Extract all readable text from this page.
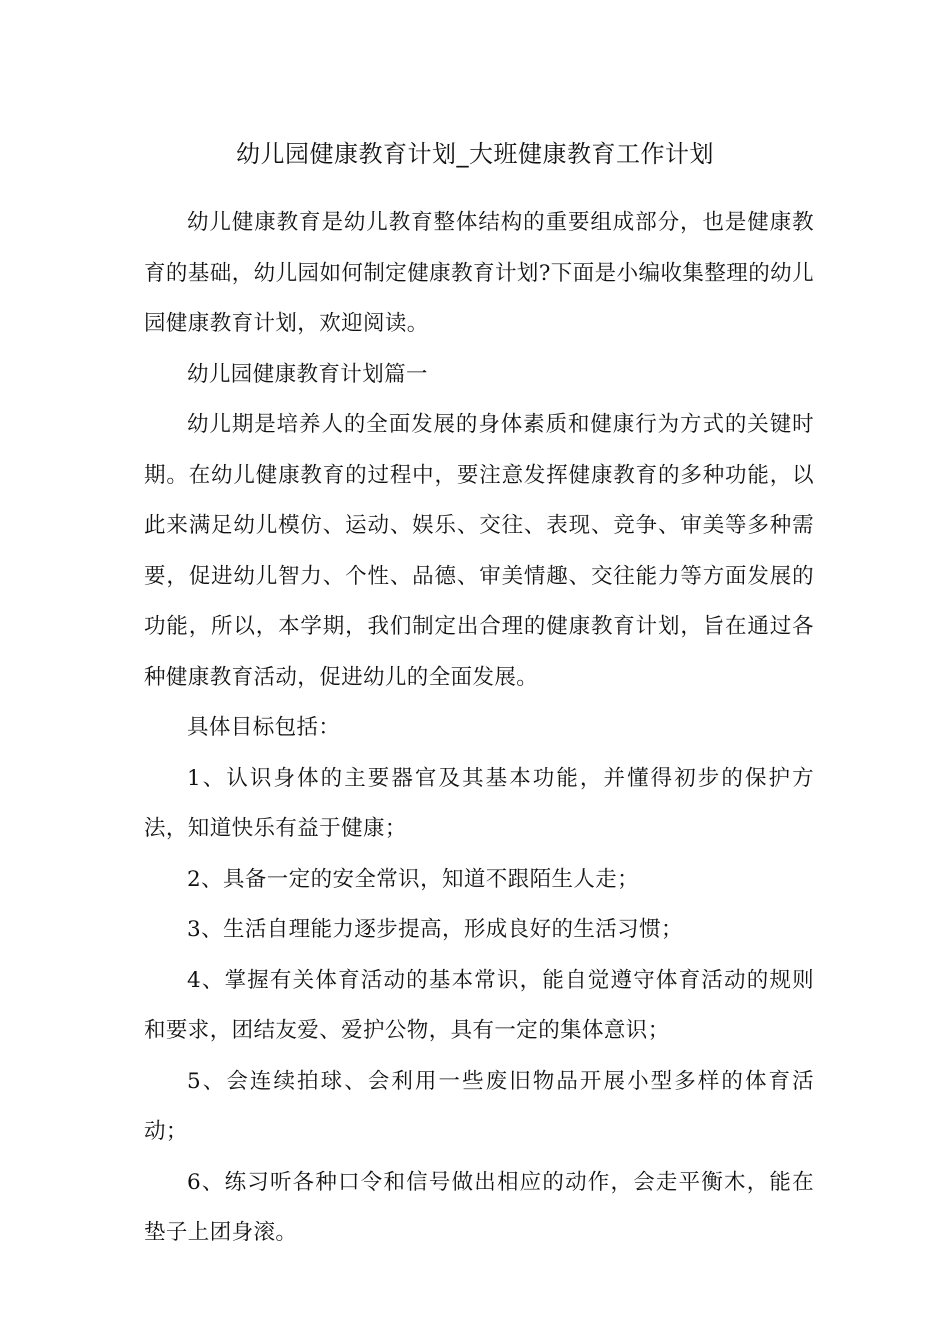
幼儿园健康教育计划_大班健康教育工作计划

幼儿健康教育是幼儿教育整体结构的重要组成部分，也是健康教育的基础，幼儿园如何制定健康教育计划?下面是小编收集整理的幼儿园健康教育计划，欢迎阅读。

幼儿园健康教育计划篇一

幼儿期是培养人的全面发展的身体素质和健康行为方式的关键时期。在幼儿健康教育的过程中，要注意发挥健康教育的多种功能，以此来满足幼儿模仿、运动、娱乐、交往、表现、竞争、审美等多种需要，促进幼儿智力、个性、品德、审美情趣、交往能力等方面发展的功能，所以，本学期，我们制定出合理的健康教育计划，旨在通过各种健康教育活动，促进幼儿的全面发展。

具体目标包括：

1、认识身体的主要器官及其基本功能，并懂得初步的保护方法，知道快乐有益于健康；

2、具备一定的安全常识，知道不跟陌生人走；

3、生活自理能力逐步提高，形成良好的生活习惯；

4、掌握有关体育活动的基本常识，能自觉遵守体育活动的规则和要求，团结友爱、爱护公物，具有一定的集体意识；

5、会连续拍球、会利用一些废旧物品开展小型多样的体育活动；

6、练习听各种口令和信号做出相应的动作，会走平衡木，能在垫子上团身滚。
